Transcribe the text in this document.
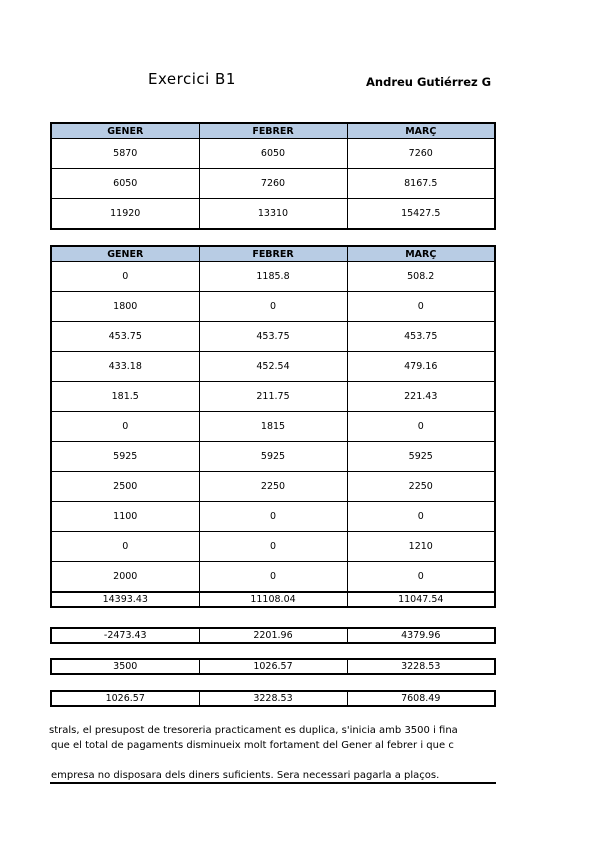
Exercici B1	Andreu Gutiérrez G
GENER	FEBRER	MARÇ
5870	6050	7260
6050	7260	8167.5
11920	13310	15427.5
GENER	FEBRER	MARÇ
0	1185.8	508.2
1800	0	0
453.75	453.75	453.75
433.18	452.54	479.16
181.5	211.75	221.43
0	1815	0
5925	5925	5925
2500	2250	2250
1100	0	0
0	0	1210
2000	0	0
14393.43	11108.04	11047.54
-2473.43	2201.96	4379.96
3500	1026.57	3228.53
1026.57	3228.53	7608.49
strals, el presupost de tresoreria practicament es duplica, s'inicia amb 3500 i fina
que el total de pagaments disminueix molt fortament del Gener al febrer i que c
empresa no disposara dels diners suficients. Sera necessari pagarla a plaços.
